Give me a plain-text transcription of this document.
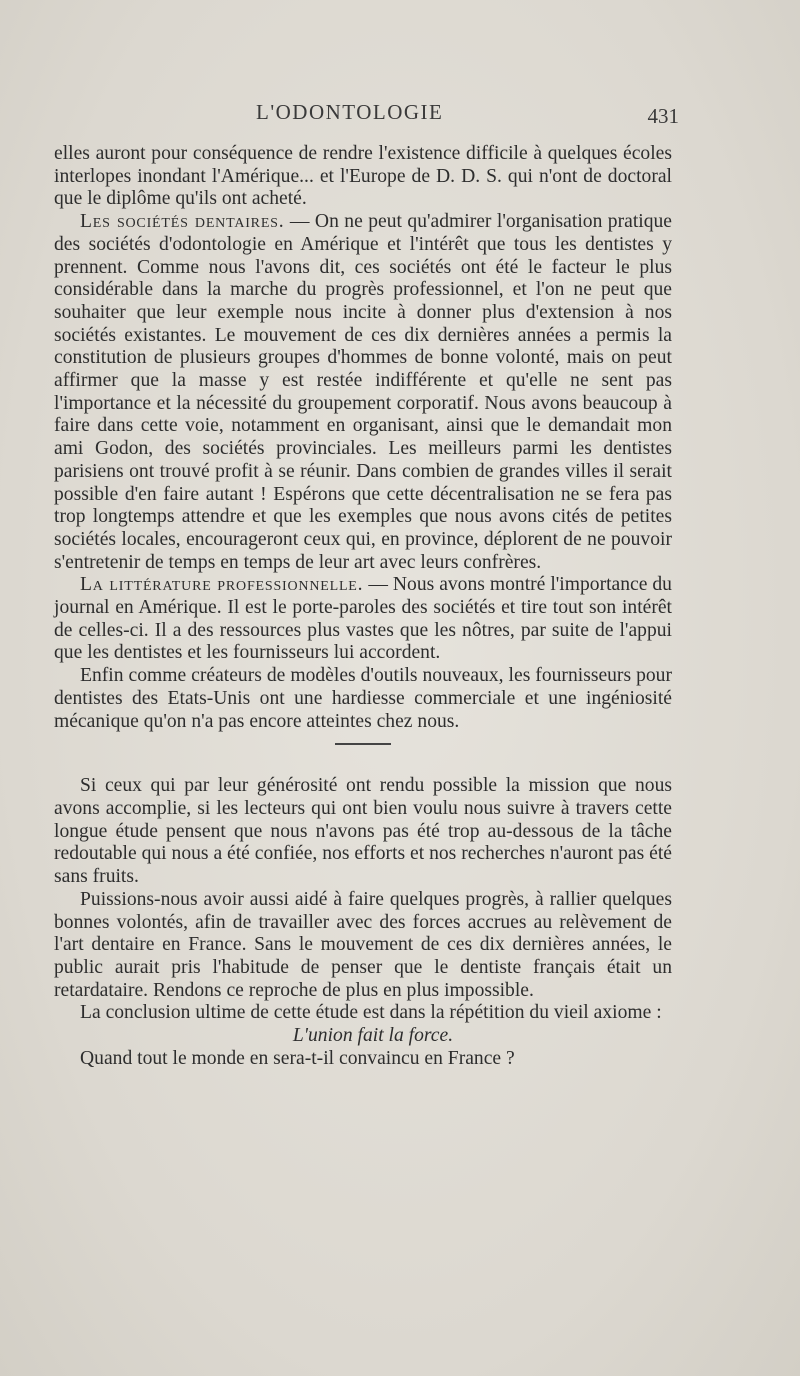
L'ODONTOLOGIE	431

elles auront pour conséquence de rendre l'existence difficile à quelques écoles interlopes inondant l'Amérique... et l'Europe de D. D. S. qui n'ont de doctoral que le diplôme qu'ils ont acheté.

Les sociétés dentaires. — On ne peut qu'admirer l'organisation pratique des sociétés d'odontologie en Amérique et l'intérêt que tous les dentistes y prennent. Comme nous l'avons dit, ces sociétés ont été le facteur le plus considérable dans la marche du progrès professionnel, et l'on ne peut que souhaiter que leur exemple nous incite à donner plus d'extension à nos sociétés existantes. Le mouvement de ces dix dernières années a permis la constitution de plusieurs groupes d'hommes de bonne volonté, mais on peut affirmer que la masse y est restée indifférente et qu'elle ne sent pas l'importance et la nécessité du groupement corporatif. Nous avons beaucoup à faire dans cette voie, notamment en organisant, ainsi que le demandait mon ami Godon, des sociétés provinciales. Les meilleurs parmi les dentistes parisiens ont trouvé profit à se réunir. Dans combien de grandes villes il serait possible d'en faire autant ! Espérons que cette décentralisation ne se fera pas trop longtemps attendre et que les exemples que nous avons cités de petites sociétés locales, encourageront ceux qui, en province, déplorent de ne pouvoir s'entretenir de temps en temps de leur art avec leurs confrères.

La littérature professionnelle. — Nous avons montré l'importance du journal en Amérique. Il est le porte-paroles des sociétés et tire tout son intérêt de celles-ci. Il a des ressources plus vastes que les nôtres, par suite de l'appui que les dentistes et les fournisseurs lui accordent.

Enfin comme créateurs de modèles d'outils nouveaux, les fournisseurs pour dentistes des Etats-Unis ont une hardiesse commerciale et une ingéniosité mécanique qu'on n'a pas encore atteintes chez nous.

Si ceux qui par leur générosité ont rendu possible la mission que nous avons accomplie, si les lecteurs qui ont bien voulu nous suivre à travers cette longue étude pensent que nous n'avons pas été trop au-dessous de la tâche redoutable qui nous a été confiée, nos efforts et nos recherches n'auront pas été sans fruits.

Puissions-nous avoir aussi aidé à faire quelques progrès, à rallier quelques bonnes volontés, afin de travailler avec des forces accrues au relèvement de l'art dentaire en France. Sans le mouvement de ces dix dernières années, le public aurait pris l'habitude de penser que le dentiste français était un retardataire. Rendons ce reproche de plus en plus impossible.

La conclusion ultime de cette étude est dans la répétition du vieil axiome :

L'union fait la force.

Quand tout le monde en sera-t-il convaincu en France ?
